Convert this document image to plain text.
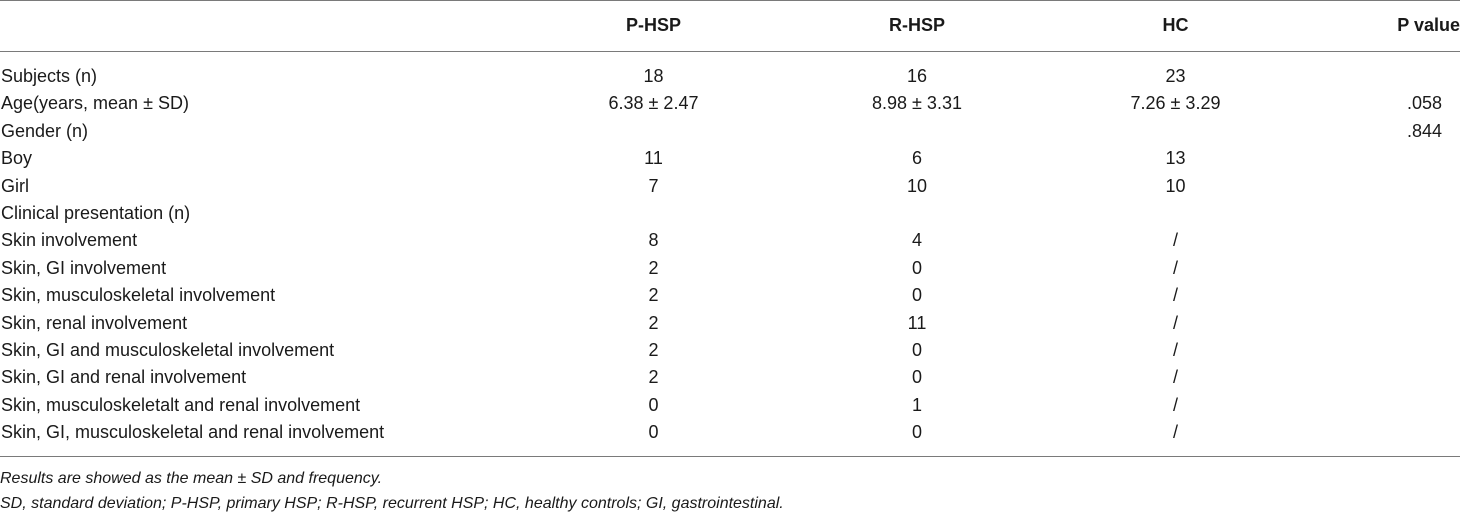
	P-HSP	R-HSP	HC	P value
Subjects (n)	18	16	23	
Age(years, mean ± SD)	6.38 ± 2.47	8.98 ± 3.31	7.26 ± 3.29	.058
Gender (n)				.844
Boy	11	6	13	
Girl	7	10	10	
Clinical presentation (n)				
Skin involvement	8	4	/	
Skin, GI involvement	2	0	/	
Skin, musculoskeletal involvement	2	0	/	
Skin, renal involvement	2	11	/	
Skin, GI and musculoskeletal involvement	2	0	/	
Skin, GI and renal involvement	2	0	/	
Skin, musculoskeletalt and renal involvement	0	1	/	
Skin, GI, musculoskeletal and renal involvement	0	0	/	

Results are showed as the mean ± SD and frequency.

SD, standard deviation; P-HSP, primary HSP; R-HSP, recurrent HSP; HC, healthy controls; GI, gastrointestinal.
